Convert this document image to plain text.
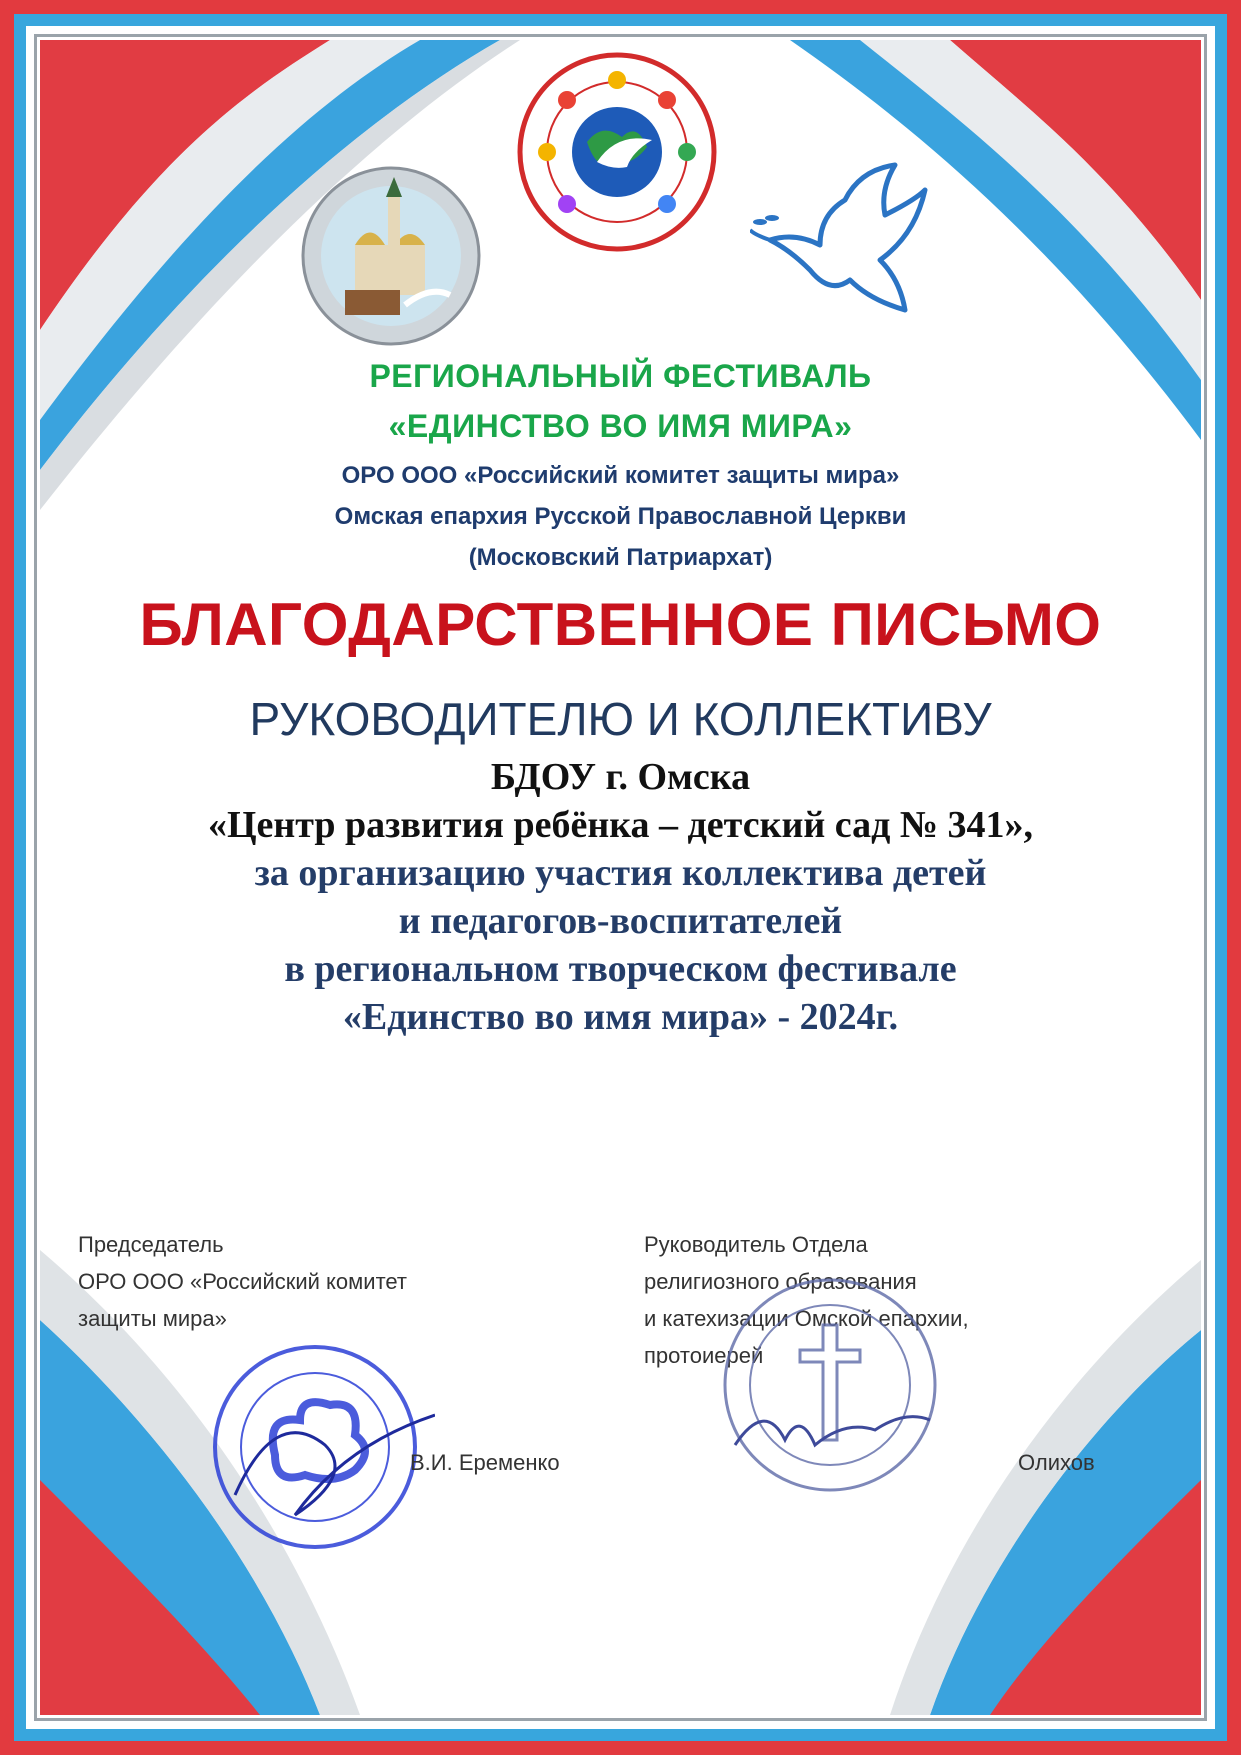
РЕГИОНАЛЬНЫЙ ФЕСТИВАЛЬ
«ЕДИНСТВО ВО ИМЯ МИРА»
ОРО ООО «Российский комитет защиты мира»
Омская епархия Русской Православной Церкви
(Московский Патриархат)
БЛАГОДАРСТВЕННОЕ ПИСЬМО
РУКОВОДИТЕЛЮ И КОЛЛЕКТИВУ
БДОУ г. Омска
«Центр развития ребёнка – детский сад № 341»,
за организацию участия коллектива детей
и педагогов-воспитателей
в региональном творческом фестивале
«Единство во имя мира» - 2024г.
Председатель
ОРО ООО «Российский комитет
защиты мира»
В.И. Еременко
Руководитель Отдела
религиозного образования
и катехизации Омской епархии,
протоиерей
Олихов
